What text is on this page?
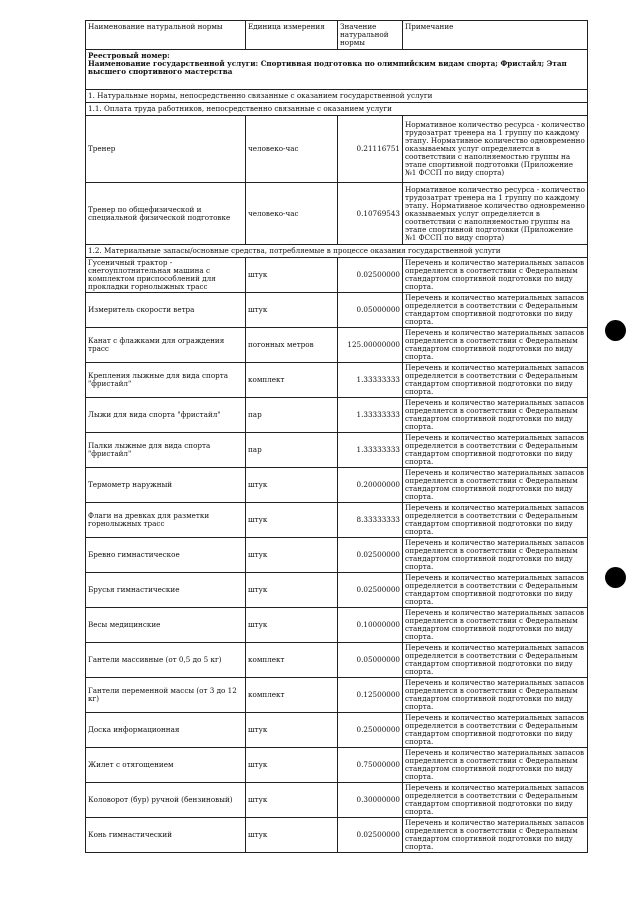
Наименование натуральной нормы	Единица измерения	Значение натуральной нормы	Примечание

Реестровый номер:
Наименование государственной услуги: Спортивная подготовка по олимпийским видам спорта; Фристайл; Этап высшего спортивного мастерства			

1. Натуральные нормы, непосредственно связанные с оказанием государственной услуги			
1.1. Оплата труда работников, непосредственно связанные с оказанием услуги			
Тренер	человеко-час	0.21116751	Нормативное количество ресурса - количество трудозатрат тренера на 1 группу по каждому этапу. Нормативное количество одновременно оказываемых услуг определяется в соответствии с наполняемостью группы на этапе спортивной подготовки (Приложение №1 ФССП по виду спорта)
Тренер по общефизической и специальной физической подготовке	человеко-час	0.10769543	Нормативное количество ресурса - количество трудозатрат тренера на 1 группу по каждому этапу. Нормативное количество одновременно оказываемых услуг определяется в соответствии с наполняемостью группы на этапе спортивной подготовки (Приложение №1 ФССП по виду спорта)
1.2. Материальные запасы/основные средства, потребляемые в процессе оказания государственной услуги			
Гусеничный трактор - снегоуплотнительная машина с комплектом приспособлений для прокладки горнолыжных трасс	штук	0.02500000	Перечень и количество материальных запасов определяется в соответствии с Федеральным стандартом спортивной подготовки по виду спорта.
Измеритель скорости ветра	штук	0.05000000	Перечень и количество материальных запасов определяется в соответствии с Федеральным стандартом спортивной подготовки по виду спорта.
Канат с флажками для ограждения трасс	погонных метров	125.00000000	Перечень и количество материальных запасов определяется в соответствии с Федеральным стандартом спортивной подготовки по виду спорта.
Крепления лыжные для вида спорта "фристайл"	комплект	1.33333333	Перечень и количество материальных запасов определяется в соответствии с Федеральным стандартом спортивной подготовки по виду спорта.
Лыжи для вида спорта "фристайл"	пар	1.33333333	Перечень и количество материальных запасов определяется в соответствии с Федеральным стандартом спортивной подготовки по виду спорта.
Палки лыжные для вида спорта "фристайл"	пар	1.33333333	Перечень и количество материальных запасов определяется в соответствии с Федеральным стандартом спортивной подготовки по виду спорта.
Термометр наружный	штук	0.20000000	Перечень и количество материальных запасов определяется в соответствии с Федеральным стандартом спортивной подготовки по виду спорта.
Флаги на древках для разметки горнолыжных трасс	штук	8.33333333	Перечень и количество материальных запасов определяется в соответствии с Федеральным стандартом спортивной подготовки по виду спорта.
Бревно гимнастическое	штук	0.02500000	Перечень и количество материальных запасов определяется в соответствии с Федеральным стандартом спортивной подготовки по виду спорта.
Брусья гимнастические	штук	0.02500000	Перечень и количество материальных запасов определяется в соответствии с Федеральным стандартом спортивной подготовки по виду спорта.
Весы медицинские	штук	0.10000000	Перечень и количество материальных запасов определяется в соответствии с Федеральным стандартом спортивной подготовки по виду спорта.
Гантели массивные (от 0,5 до 5 кг)	комплект	0.05000000	Перечень и количество материальных запасов определяется в соответствии с Федеральным стандартом спортивной подготовки по виду спорта.
Гантели переменной массы (от 3 до 12 кг)	комплект	0.12500000	Перечень и количество материальных запасов определяется в соответствии с Федеральным стандартом спортивной подготовки по виду спорта.
Доска информационная	штук	0.25000000	Перечень и количество материальных запасов определяется в соответствии с Федеральным стандартом спортивной подготовки по виду спорта.
Жилет с отягощением	штук	0.75000000	Перечень и количество материальных запасов определяется в соответствии с Федеральным стандартом спортивной подготовки по виду спорта.
Коловорот (бур) ручной (бензиновый)	штук	0.30000000	Перечень и количество материальных запасов определяется в соответствии с Федеральным стандартом спортивной подготовки по виду спорта.
Конь гимнастический	штук	0.02500000	Перечень и количество материальных запасов определяется в соответствии с Федеральным стандартом спортивной подготовки по виду спорта.
